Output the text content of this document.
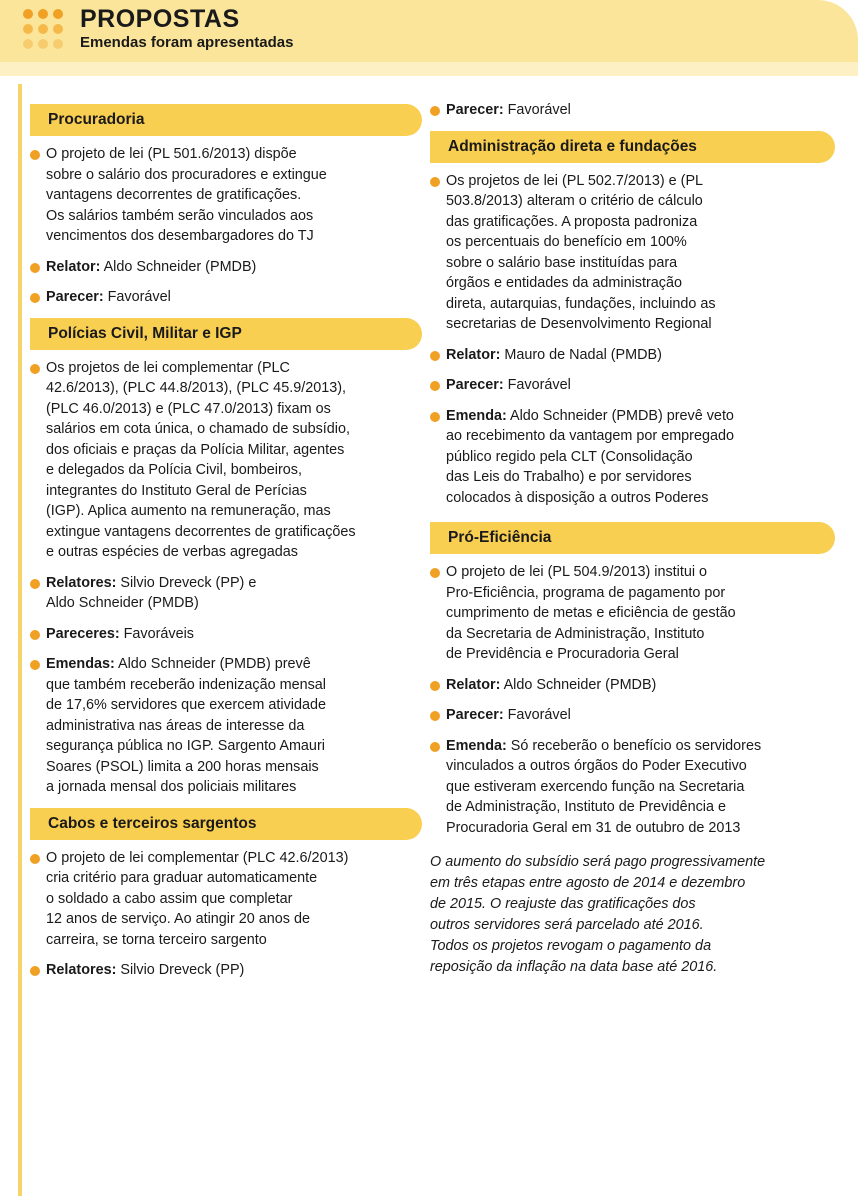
PROPOSTAS
Emendas foram apresentadas
Procuradoria
O projeto de lei (PL 501.6/2013) dispõe
sobre o salário dos procuradores e extingue
vantagens decorrentes de gratificações.
Os salários também serão vinculados aos
vencimentos dos desembargadores do TJ
Relator: Aldo Schneider (PMDB)
Parecer: Favorável
Polícias Civil, Militar e IGP
Os projetos de lei complementar (PLC
42.6/2013), (PLC 44.8/2013), (PLC 45.9/2013),
(PLC 46.0/2013) e (PLC 47.0/2013) fixam os
salários em cota única, o chamado de subsídio,
dos oficiais e praças da Polícia Militar, agentes
e delegados da Polícia Civil, bombeiros,
integrantes do Instituto Geral de Perícias
(IGP). Aplica aumento na remuneração, mas
extingue vantagens decorrentes de gratificações
e outras espécies de verbas agregadas
Relatores: Silvio Dreveck (PP) e
Aldo Schneider (PMDB)
Pareceres: Favoráveis
Emendas: Aldo Schneider (PMDB) prevê
que também receberão indenização mensal
de 17,6% servidores que exercem atividade
administrativa nas áreas de interesse da
segurança pública no IGP. Sargento Amauri
Soares (PSOL) limita a 200 horas mensais
a jornada mensal dos policiais militares
Cabos e terceiros sargentos
O projeto de lei complementar (PLC 42.6/2013)
cria critério para graduar automaticamente
o soldado a cabo assim que completar
12 anos de serviço. Ao atingir 20 anos de
carreira, se torna terceiro sargento
Relatores: Silvio Dreveck (PP)
Parecer: Favorável
Administração direta e fundações
Os projetos de lei (PL 502.7/2013) e (PL
503.8/2013) alteram o critério de cálculo
das gratificações. A proposta padroniza
os percentuais do benefício em 100%
sobre o salário base instituídas para
órgãos e entidades da administração
direta, autarquias, fundações, incluindo as
secretarias de Desenvolvimento Regional
Relator: Mauro de Nadal (PMDB)
Parecer: Favorável
Emenda: Aldo Schneider (PMDB) prevê veto
ao recebimento da vantagem por empregado
público regido pela CLT (Consolidação
das Leis do Trabalho) e por servidores
colocados à disposição a outros Poderes
Pró-Eficiência
O projeto de lei (PL 504.9/2013) institui o
Pro-Eficiência, programa de pagamento por
cumprimento de metas e eficiência de gestão
da Secretaria de Administração, Instituto
de Previdência e Procuradoria Geral
Relator: Aldo Schneider (PMDB)
Parecer: Favorável
Emenda: Só receberão o benefício os servidores
vinculados a outros órgãos do Poder Executivo
que estiveram exercendo função na Secretaria
de Administração, Instituto de Previdência e
Procuradoria Geral em 31 de outubro de 2013
O aumento do subsídio será pago progressivamente
em três etapas entre agosto de 2014 e dezembro
de 2015. O reajuste das gratificações dos
outros servidores será parcelado até 2016.
Todos os projetos revogam o pagamento da
reposição da inflação na data base até 2016.
